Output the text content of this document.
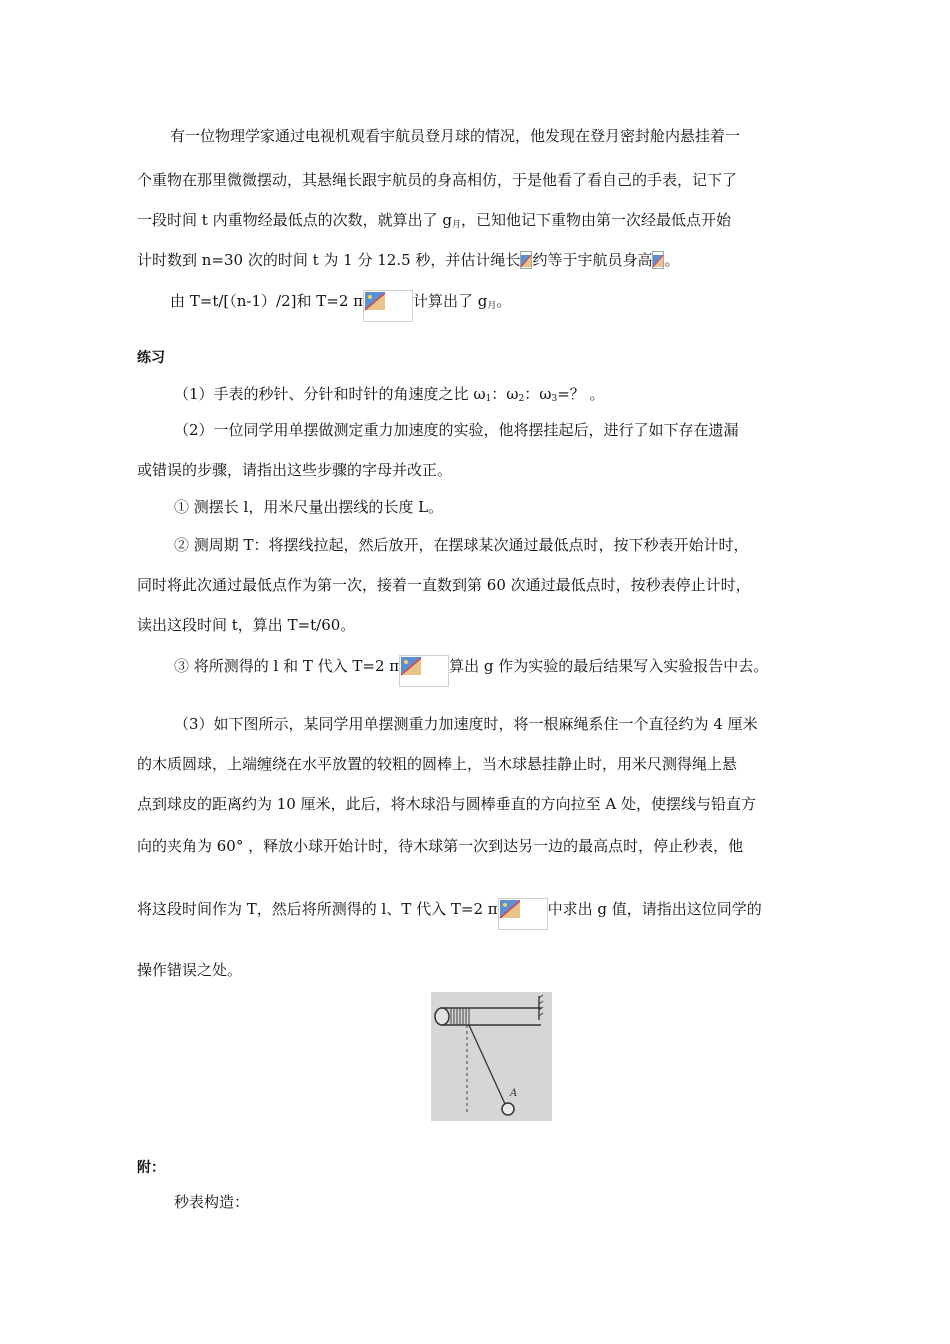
有一位物理学家通过电视机观看宇航员登月球的情况，他发现在登月密封舱内悬挂着一
个重物在那里微微摆动，其悬绳长跟宇航员的身高相仿，于是他看了看自己的手表，记下了
一段时间 t 内重物经最低点的次数，就算出了 $g_月$，已知他记下重物由第一次经最低点开始
计时数到 n=30 次的时间 t 为 1 分 12.5 秒，并估计绳长 约等于宇航员身高 。
由 T=t/[（n-1）/2]和 T=2 π	计算出了 $g_月$。
练习
（1）手表的秒针、分针和时针的角速度之比 $\omega_1$：$\omega_2$：$\omega_3=$？ 。
（2）一位同学用单摆做测定重力加速度的实验，他将摆挂起后，进行了如下存在遗漏
或错误的步骤，请指出这些步骤的字母并改正。
① 测摆长 l，用米尺量出摆线的长度 L。
② 测周期 T：将摆线拉起，然后放开，在摆球某次通过最低点时，按下秒表开始计时，
同时将此次通过最低点作为第一次，接着一直数到第 60 次通过最低点时，按秒表停止计时，
读出这段时间 t，算出 T=t/60。
③ 将所测得的 l 和 T 代入 T=2 π	算出 g 作为实验的最后结果写入实验报告中去。
（3）如下图所示，某同学用单摆测重力加速度时，将一根麻绳系住一个直径约为 4 厘米
的木质圆球，上端缠绕在水平放置的较粗的圆棒上，当木球悬挂静止时，用米尺测得绳上悬
点到球皮的距离约为 10 厘米，此后，将木球沿与圆棒垂直的方向拉至 A 处，使摆线与铅直方
向的夹角为 60° ，释放小球开始计时，待木球第一次到达另一边的最高点时，停止秒表，他
将这段时间作为 T，然后将所测得的 l、T 代入 T=2 π	中求出 g 值，请指出这位同学的
操作错误之处。
A
附：
秒表构造：
